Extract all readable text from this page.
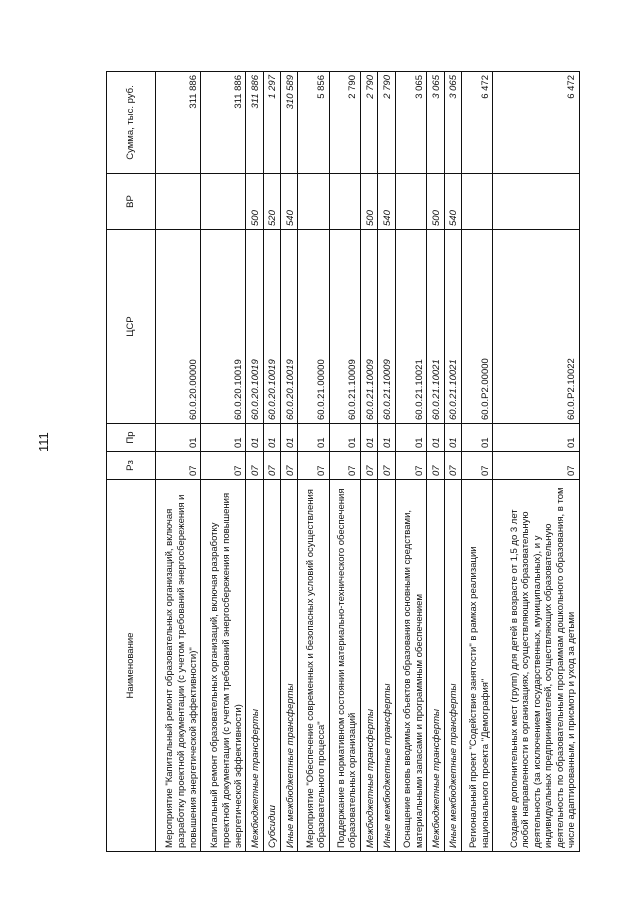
111
Наименование	Рз	Пр	ЦСР	ВР	Сумма, тыс. руб.
Мероприятие "Капитальный ремонт образовательных организаций, включая разработку проектной документации (с учетом требований энергосбережения и повышения энергетической эффективности)"	07	01	60.0.20.00000		311 886
Капитальный ремонт образовательных организаций, включая разработку проектной документации (с учетом требований энергосбережения и повышения энергетической эффективности)	07	01	60.0.20.10019		311 886
Межбюджетные трансферты	07	01	60.0.20.10019	500	311 886
Субсидии	07	01	60.0.20.10019	520	1 297
Иные межбюджетные трансферты	07	01	60.0.20.10019	540	310 589
Мероприятие "Обеспечение современных и безопасных условий осуществления образовательного процесса"	07	01	60.0.21.00000		5 856
Поддержание в нормативном состоянии материально-технического обеспечения образовательных организаций	07	01	60.0.21.10009		2 790
Межбюджетные трансферты	07	01	60.0.21.10009	500	2 790
Иные межбюджетные трансферты	07	01	60.0.21.10009	540	2 790
Оснащение вновь вводимых объектов образования основными средствами, материальными запасами и программным обеспечением	07	01	60.0.21.10021		3 065
Межбюджетные трансферты	07	01	60.0.21.10021	500	3 065
Иные межбюджетные трансферты	07	01	60.0.21.10021	540	3 065
Региональный проект "Содействие занятости" в рамках реализации национального проекта "Демография"	07	01	60.0.P2.00000		6 472
Создание дополнительных мест (групп) для детей в возрасте от 1,5 до 3 лет любой направленности в организациях, осуществляющих образовательную деятельность (за исключением государственных, муниципальных), и у индивидуальных предпринимателей, осуществляющих образовательную деятельность по образовательным программам дошкольного образования, в том числе адаптированным, и присмотр и уход за детьми	07	01	60.0.P2.10022		6 472
